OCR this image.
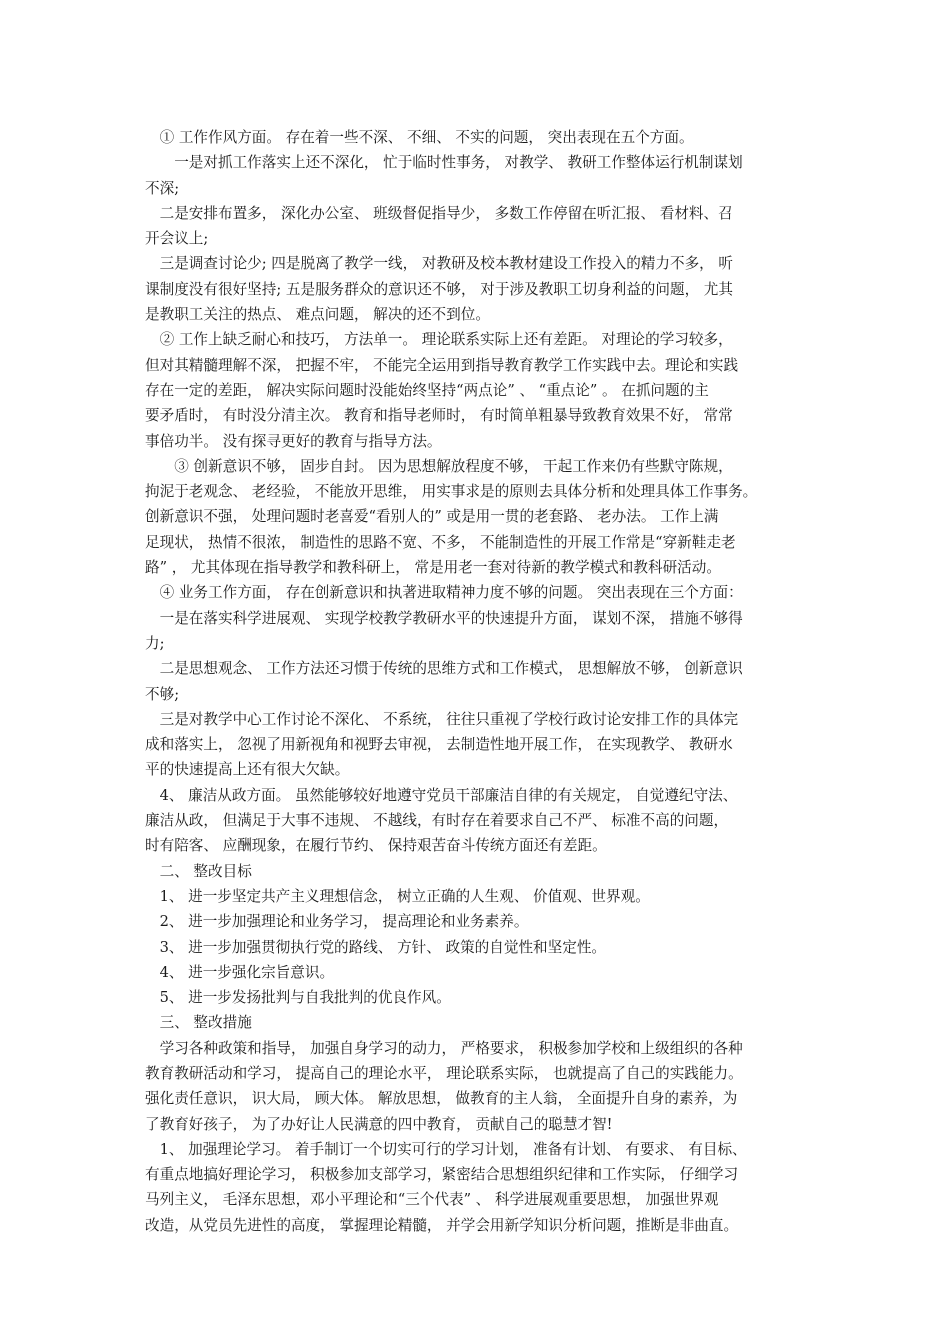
　① 工作作风方面。 存在着一些不深、 不细、 不实的问题， 突出表现在五个方面。

　　一是对抓工作落实上还不深化， 忙于临时性事务， 对教学、 教研工作整体运行机制谋划

不深;

　二是安排布置多， 深化办公室、 班级督促指导少， 多数工作停留在听汇报、 看材料、召

开会议上;

　三是调查讨论少; 四是脱离了教学一线， 对教研及校本教材建设工作投入的精力不多， 听

课制度没有很好坚持; 五是服务群众的意识还不够， 对于涉及教职工切身利益的问题， 尤其

是教职工关注的热点、 难点问题， 解决的还不到位。

　② 工作上缺乏耐心和技巧， 方法单一。 理论联系实际上还有差距。 对理论的学习较多，

但对其精髓理解不深， 把握不牢， 不能完全运用到指导教育教学工作实践中去。理论和实践

存在一定的差距， 解决实际问题时没能始终坚持“两点论” 、 “重点论” 。 在抓问题的主

要矛盾时， 有时没分清主次。 教育和指导老师时， 有时简单粗暴导致教育效果不好， 常常

事倍功半。 没有探寻更好的教育与指导方法。

　　③ 创新意识不够， 固步自封。 因为思想解放程度不够， 干起工作来仍有些默守陈规，

拘泥于老观念、 老经验， 不能放开思维， 用实事求是的原则去具体分析和处理具体工作事务。

创新意识不强， 处理问题时老喜爱“看别人的” 或是用一贯的老套路、 老办法。 工作上满

足现状， 热情不很浓， 制造性的思路不宽、不多， 不能制造性的开展工作常是“穿新鞋走老

路” ， 尤其体现在指导教学和教科研上， 常是用老一套对待新的教学模式和教科研活动。

　④ 业务工作方面， 存在创新意识和执著进取精神力度不够的问题。 突出表现在三个方面：

　一是在落实科学进展观、 实现学校教学教研水平的快速提升方面， 谋划不深， 措施不够得

力;

　二是思想观念、 工作方法还习惯于传统的思维方式和工作模式， 思想解放不够， 创新意识

不够;

　三是对教学中心工作讨论不深化、 不系统， 往往只重视了学校行政讨论安排工作的具体完

成和落实上， 忽视了用新视角和视野去审视， 去制造性地开展工作， 在实现教学、 教研水

平的快速提高上还有很大欠缺。

　4、 廉洁从政方面。 虽然能够较好地遵守党员干部廉洁自律的有关规定， 自觉遵纪守法、

廉洁从政， 但满足于大事不违规、 不越线，有时存在着要求自己不严、 标准不高的问题，

时有陪客、 应酬现象，在履行节约、 保持艰苦奋斗传统方面还有差距。

　二、 整改目标

　1、 进一步坚定共产主义理想信念， 树立正确的人生观、 价值观、世界观。

　2、 进一步加强理论和业务学习， 提高理论和业务素养。

　3、 进一步加强贯彻执行党的路线、 方针、 政策的自觉性和坚定性。

　4、 进一步强化宗旨意识。

　5、 进一步发扬批判与自我批判的优良作风。

　三、 整改措施

　学习各种政策和指导， 加强自身学习的动力， 严格要求， 积极参加学校和上级组织的各种

教育教研活动和学习， 提高自己的理论水平， 理论联系实际， 也就提高了自己的实践能力。

强化责任意识， 识大局， 顾大体。 解放思想， 做教育的主人翁， 全面提升自身的素养，为

了教育好孩子， 为了办好让人民满意的四中教育， 贡献自己的聪慧才智!

　1、 加强理论学习。 着手制订一个切实可行的学习计划， 准备有计划、 有要求、 有目标、

有重点地搞好理论学习， 积极参加支部学习，紧密结合思想组织纪律和工作实际， 仔细学习

马列主义， 毛泽东思想，邓小平理论和“三个代表” 、 科学进展观重要思想， 加强世界观

改造，从党员先进性的高度， 掌握理论精髓， 并学会用新学知识分析问题，推断是非曲直。
